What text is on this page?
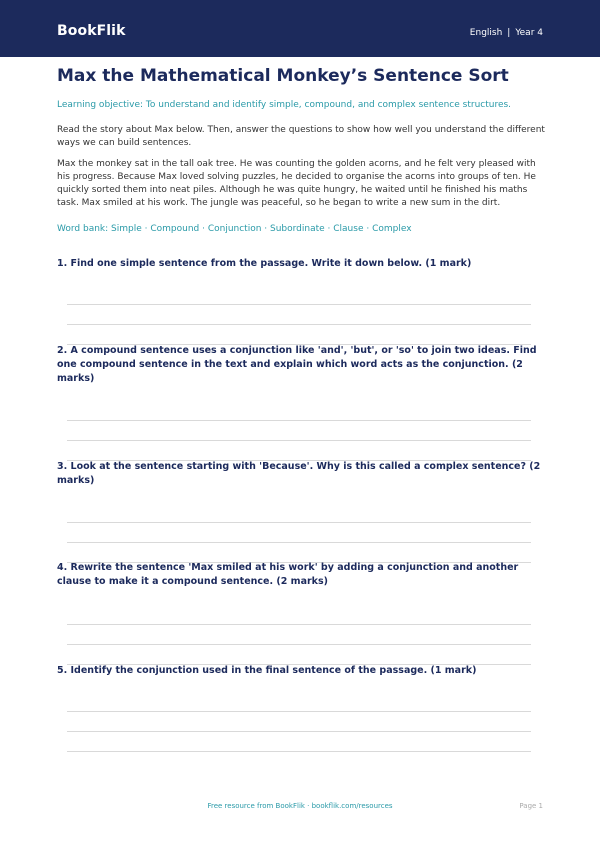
BookFlik	English | Year 4
Max the Mathematical Monkey’s Sentence Sort
Learning objective: To understand and identify simple, compound, and complex sentence structures.

Read the story about Max below. Then, answer the questions to show how well you understand the different ways we can build sentences.

Max the monkey sat in the tall oak tree. He was counting the golden acorns, and he felt very pleased with his progress. Because Max loved solving puzzles, he decided to organise the acorns into groups of ten. He quickly sorted them into neat piles. Although he was quite hungry, he waited until he finished his maths task. Max smiled at his work. The jungle was peaceful, so he began to write a new sum in the dirt.

Word bank: Simple · Compound · Conjunction · Subordinate · Clause · Complex

1. Find one simple sentence from the passage. Write it down below. (1 mark)

2. A compound sentence uses a conjunction like 'and', 'but', or 'so' to join two ideas. Find one compound sentence in the text and explain which word acts as the conjunction. (2 marks)

3. Look at the sentence starting with 'Because'. Why is this called a complex sentence? (2 marks)

4. Rewrite the sentence 'Max smiled at his work' by adding a conjunction and another clause to make it a compound sentence. (2 marks)

5. Identify the conjunction used in the final sentence of the passage. (1 mark)

Free resource from BookFlik · bookflik.com/resources	Page 1
